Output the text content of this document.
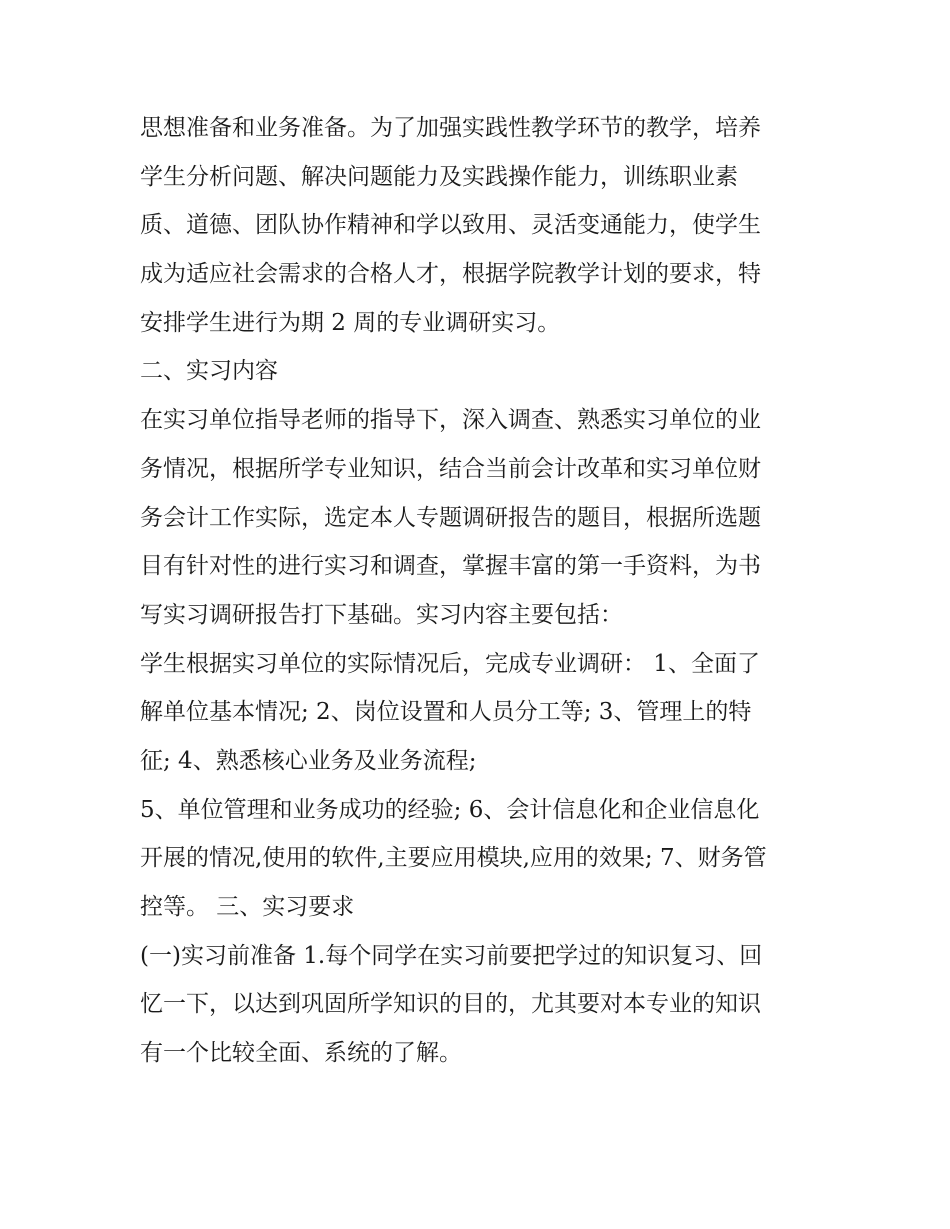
思想准备和业务准备。为了加强实践性教学环节的教学，培养
学生分析问题、解决问题能力及实践操作能力，训练职业素
质、道德、团队协作精神和学以致用、灵活变通能力，使学生
成为适应社会需求的合格人才，根据学院教学计划的要求，特
安排学生进行为期 2 周的专业调研实习。
二、实习内容
在实习单位指导老师的指导下，深入调查、熟悉实习单位的业
务情况，根据所学专业知识，结合当前会计改革和实习单位财
务会计工作实际，选定本人专题调研报告的题目，根据所选题
目有针对性的进行实习和调查，掌握丰富的第一手资料，为书
写实习调研报告打下基础。实习内容主要包括：
学生根据实习单位的实际情况后，完成专业调研： 1、全面了
解单位基本情况; 2、岗位设置和人员分工等; 3、管理上的特
征; 4、熟悉核心业务及业务流程;
5、单位管理和业务成功的经验; 6、会计信息化和企业信息化
开展的情况,使用的软件,主要应用模块,应用的效果; 7、财务管
控等。 三、实习要求
(一)实习前准备 1.每个同学在实习前要把学过的知识复习、回
忆一下，以达到巩固所学知识的目的，尤其要对本专业的知识
有一个比较全面、系统的了解。
